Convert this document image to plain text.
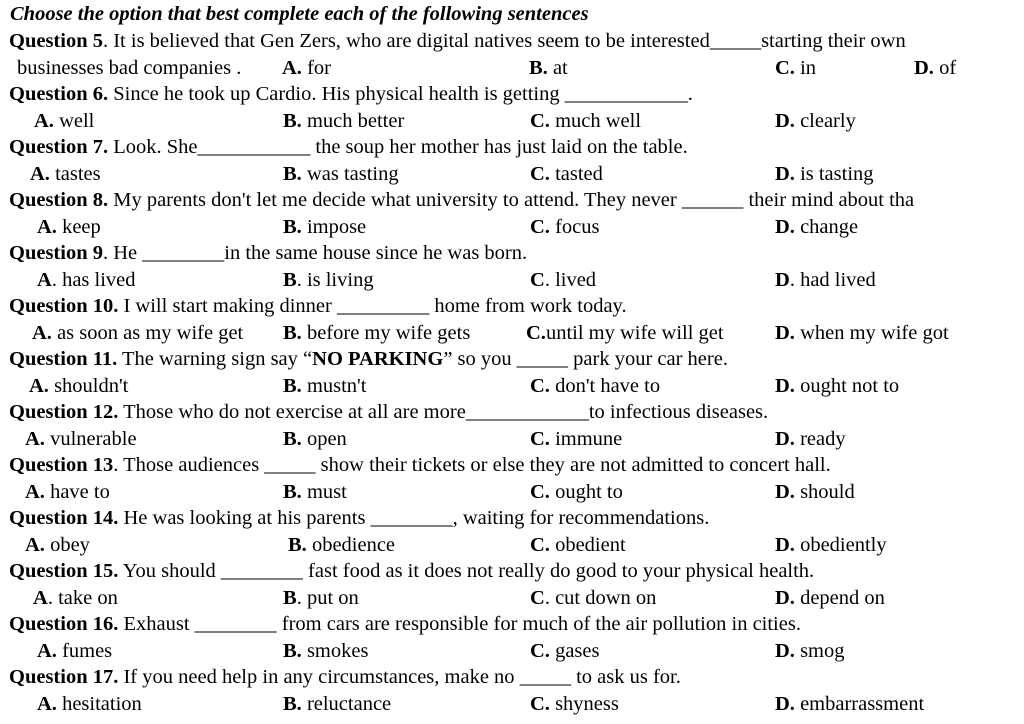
Choose the option that best complete each of the following sentences
Question 5. It is believed that Gen Zers, who are digital natives seem to be interested_____starting their own
businesses bad companies . A. for	B. at	C. in	D. of
Question 6. Since he took up Cardio. His physical health is getting ____________.
A. well	B. much better	C. much well	D. clearly
Question 7. Look. She___________ the soup her mother has just laid on the table.
A. tastes	B. was tasting	C. tasted	D. is tasting
Question 8. My parents don't let me decide what university to attend. They never ______ their mind about tha
A. keep	B. impose	C. focus	D. change
Question 9. He ________in the same house since he was born.
A. has lived	B. is living	C. lived	D. had lived
Question 10. I will start making dinner _________ home from work today.
A. as soon as my wife get B. before my wife gets	C.until my wife will get	D. when my wife got
Question 11. The warning sign say “NO PARKING” so you _____ park your car here.
A. shouldn't	B. mustn't	C. don't have to	D. ought not to
Question 12. Those who do not exercise at all are more____________to infectious diseases.
A. vulnerable	B. open	C. immune	D. ready
Question 13. Those audiences _____ show their tickets or else they are not admitted to concert hall.
A. have to	B. must	C. ought to	D. should
Question 14. He was looking at his parents ________, waiting for recommendations.
A. obey	B. obedience	C. obedient	D. obediently
Question 15. You should ________ fast food as it does not really do good to your physical health.
A. take on	B. put on	C. cut down on	D. depend on
Question 16. Exhaust ________ from cars are responsible for much of the air pollution in cities.
A. fumes	B. smokes	C. gases	D. smog
Question 17. If you need help in any circumstances, make no _____ to ask us for.
A. hesitation	B. reluctance	C. shyness	D. embarrassment
